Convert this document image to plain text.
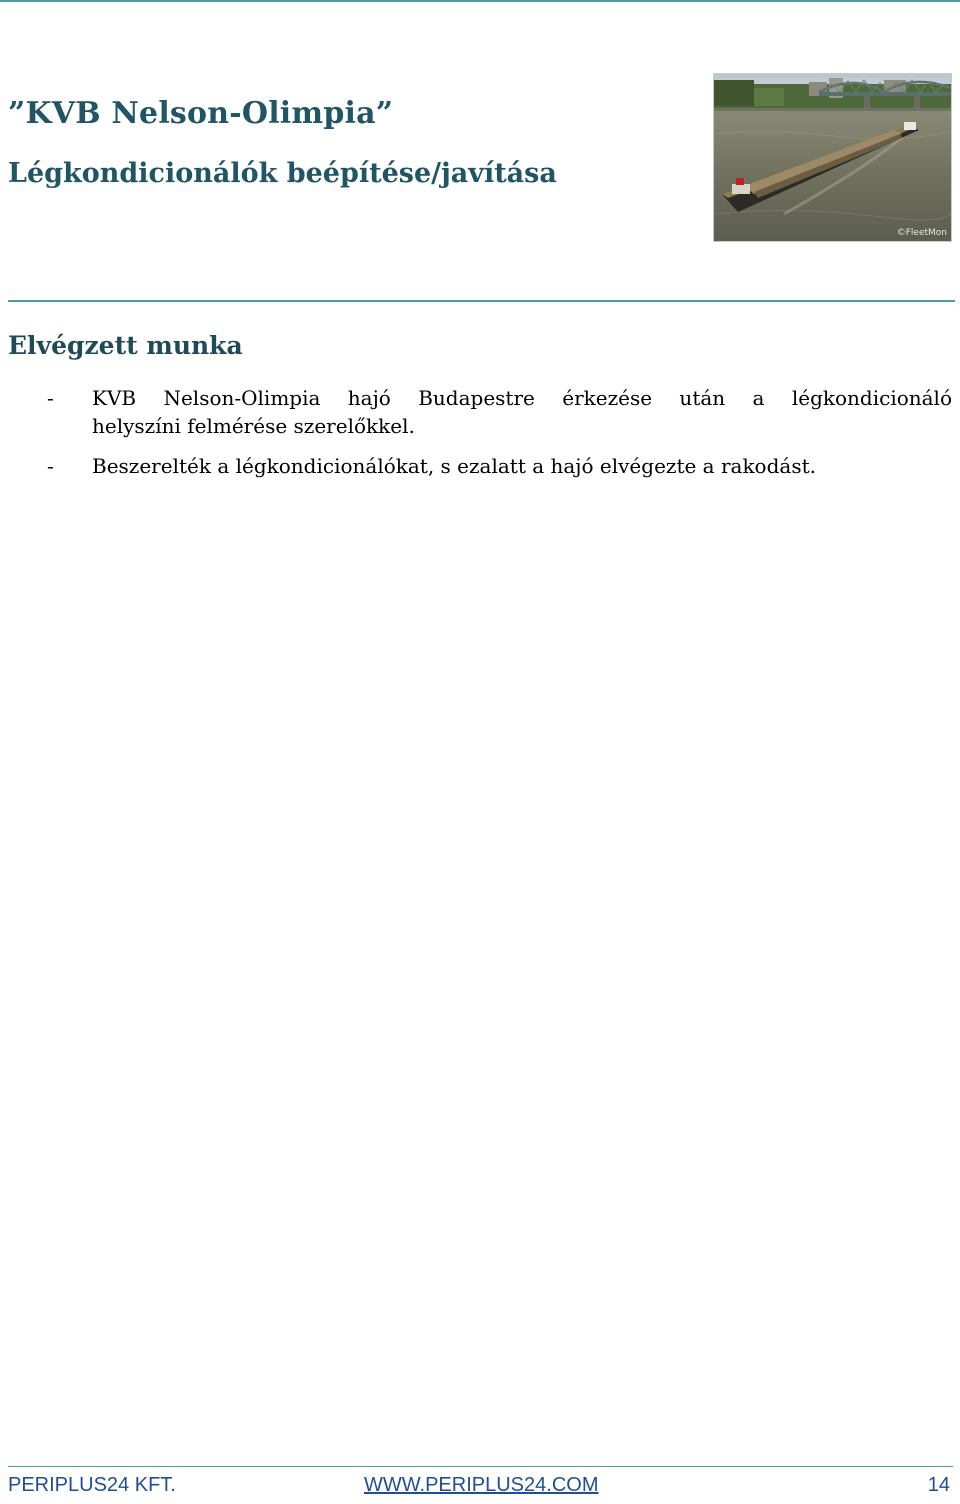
”KVB Nelson-Olimpia”
Légkondicionálók beépítése/javítása
©FleetMon
Elvégzett munka
- KVB Nelson-Olimpia hajó Budapestre érkezése után a légkondicionáló
helyszíni felmérése szerelőkkel.
- Beszerelték a légkondicionálókat, s ezalatt a hajó elvégezte a rakodást.
PERIPLUS24 KFT.	WWW.PERIPLUS24.COM	14
